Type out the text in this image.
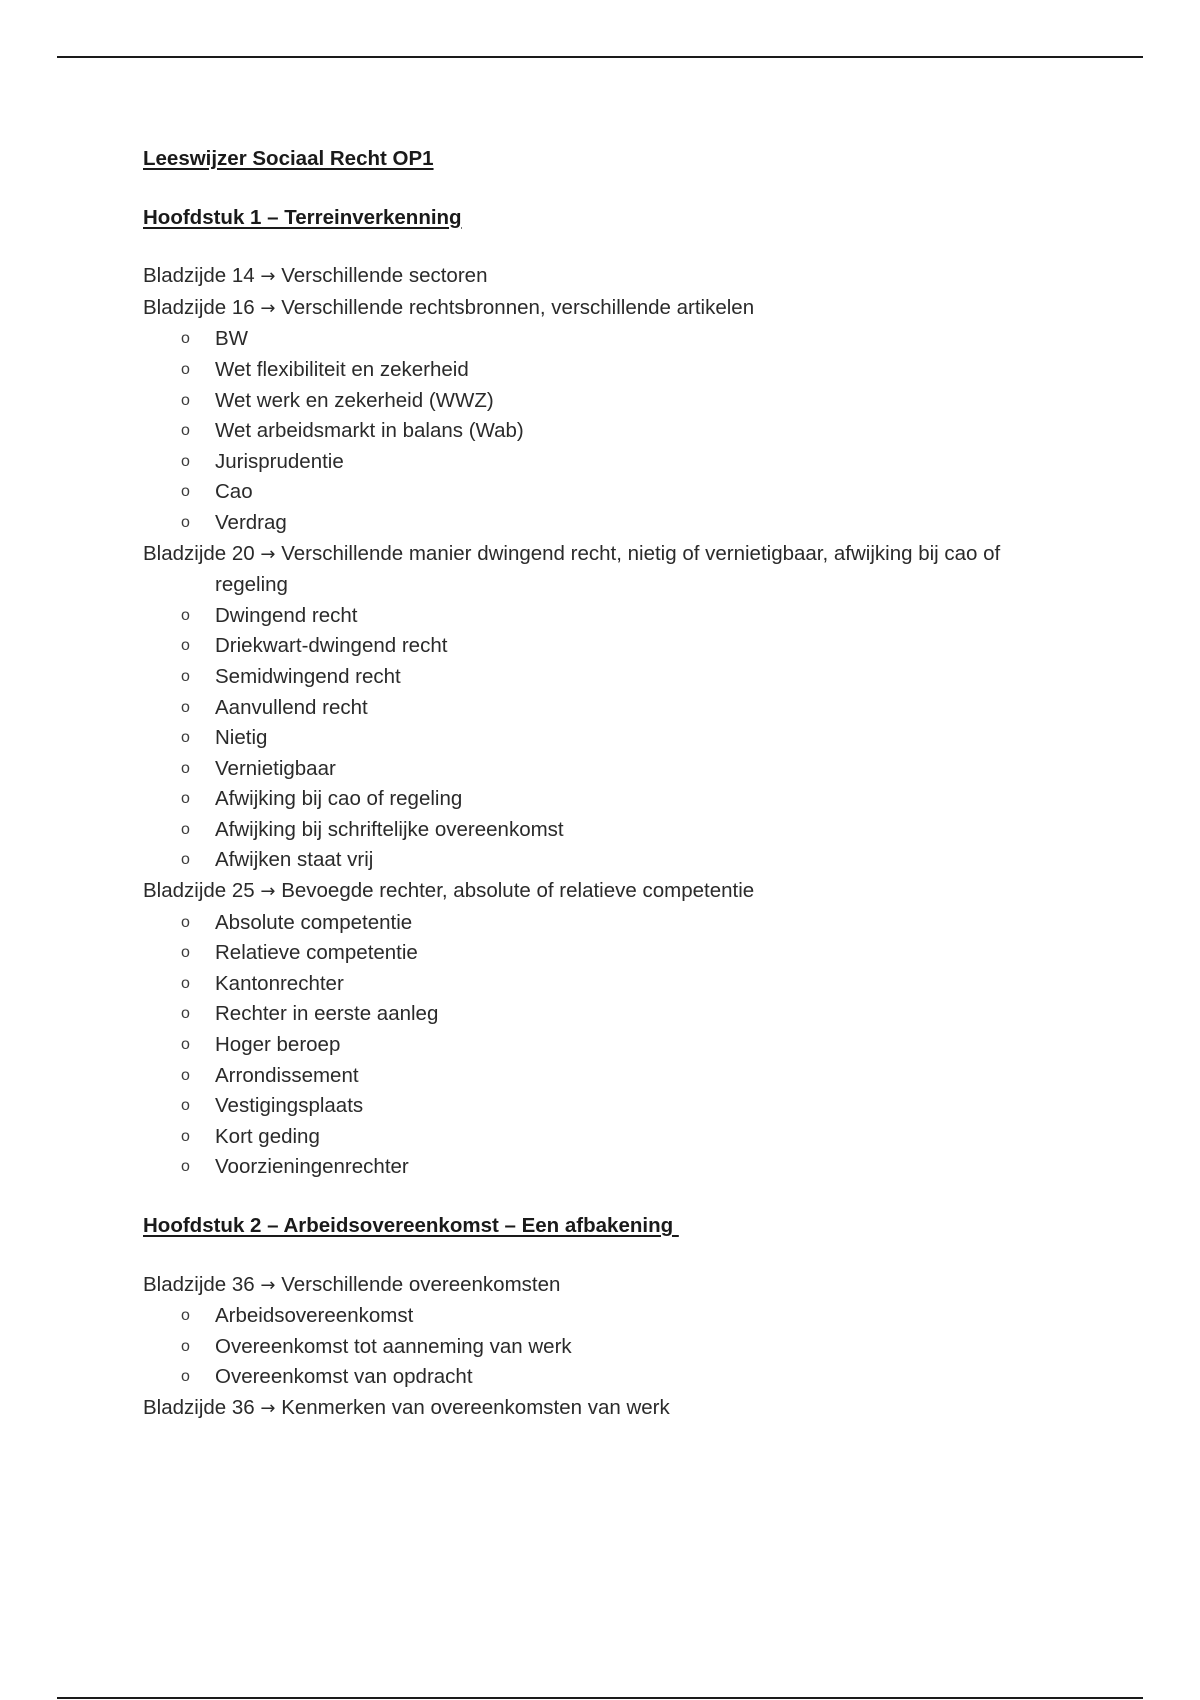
Leeswijzer Sociaal Recht OP1
Hoofdstuk 1 – Terreinverkenning
Bladzijde 14 → Verschillende sectoren
Bladzijde 16 → Verschillende rechtsbronnen, verschillende artikelen
o BW
o Wet flexibiliteit en zekerheid
o Wet werk en zekerheid (WWZ)
o Wet arbeidsmarkt in balans (Wab)
o Jurisprudentie
o Cao
o Verdrag
Bladzijde 20 → Verschillende manier dwingend recht, nietig of vernietigbaar, afwijking bij cao of regeling
o Dwingend recht
o Driekwart-dwingend recht
o Semidwingend recht
o Aanvullend recht
o Nietig
o Vernietigbaar
o Afwijking bij cao of regeling
o Afwijking bij schriftelijke overeenkomst
o Afwijken staat vrij
Bladzijde 25 → Bevoegde rechter, absolute of relatieve competentie
o Absolute competentie
o Relatieve competentie
o Kantonrechter
o Rechter in eerste aanleg
o Hoger beroep
o Arrondissement
o Vestigingsplaats
o Kort geding
o Voorzieningenrechter
Hoofdstuk 2 – Arbeidsovereenkomst – Een afbakening
Bladzijde 36 → Verschillende overeenkomsten
o Arbeidsovereenkomst
o Overeenkomst tot aanneming van werk
o Overeenkomst van opdracht
Bladzijde 36 → Kenmerken van overeenkomsten van werk
